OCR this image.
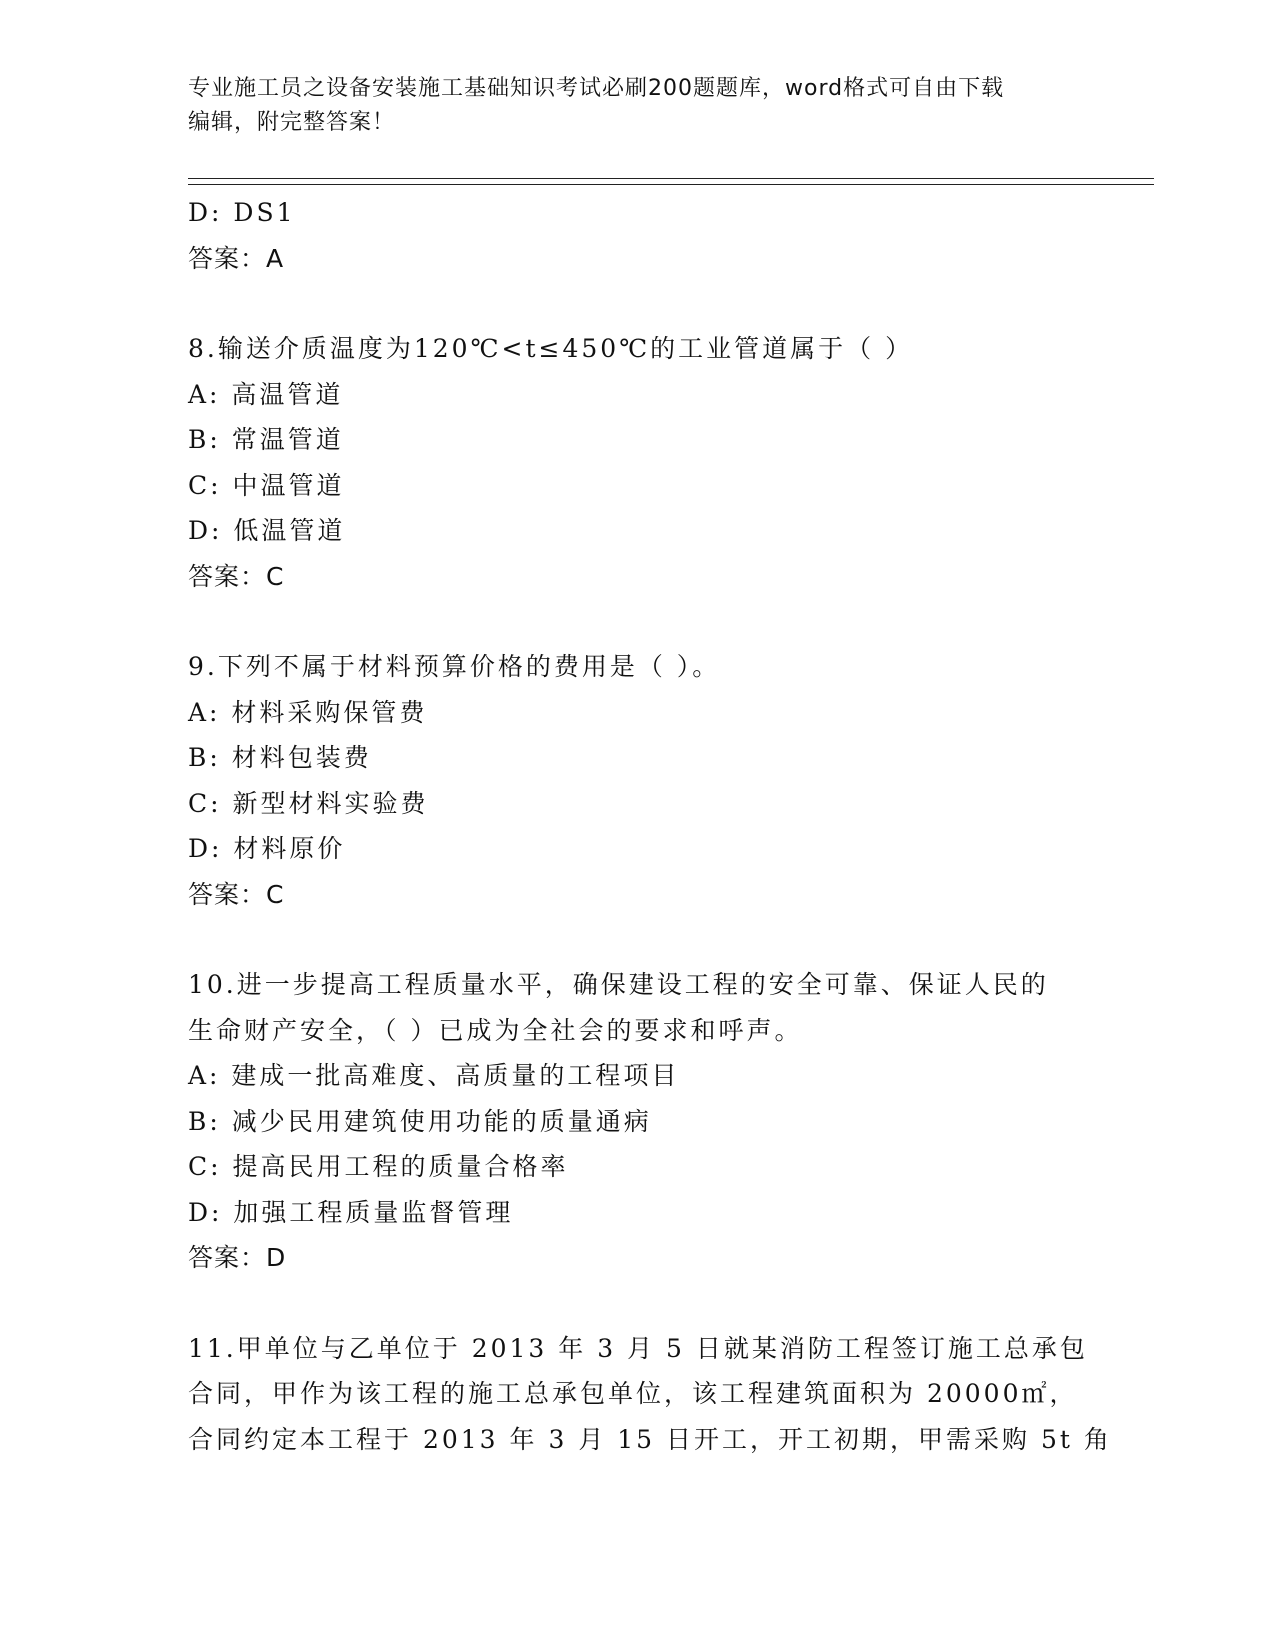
专业施工员之设备安装施工基础知识考试必刷200题题库，word格式可自由下载
编辑，附完整答案！
D: DS1
答案：A
8.输送介质温度为120℃<t≤450℃的工业管道属于（ ）
A: 高温管道
B: 常温管道
C: 中温管道
D: 低温管道
答案：C
9.下列不属于材料预算价格的费用是（ ）。
A: 材料采购保管费
B: 材料包装费
C: 新型材料实验费
D: 材料原价
答案：C
10.进一步提高工程质量水平，确保建设工程的安全可靠、保证人民的
生命财产安全，（ ）已成为全社会的要求和呼声。
A: 建成一批高难度、高质量的工程项目
B: 减少民用建筑使用功能的质量通病
C: 提高民用工程的质量合格率
D: 加强工程质量监督管理
答案：D
11.甲单位与乙单位于 2013 年 3 月 5 日就某消防工程签订施工总承包
合同，甲作为该工程的施工总承包单位，该工程建筑面积为 20000㎡，
合同约定本工程于 2013 年 3 月 15 日开工，开工初期，甲需采购 5t 角
